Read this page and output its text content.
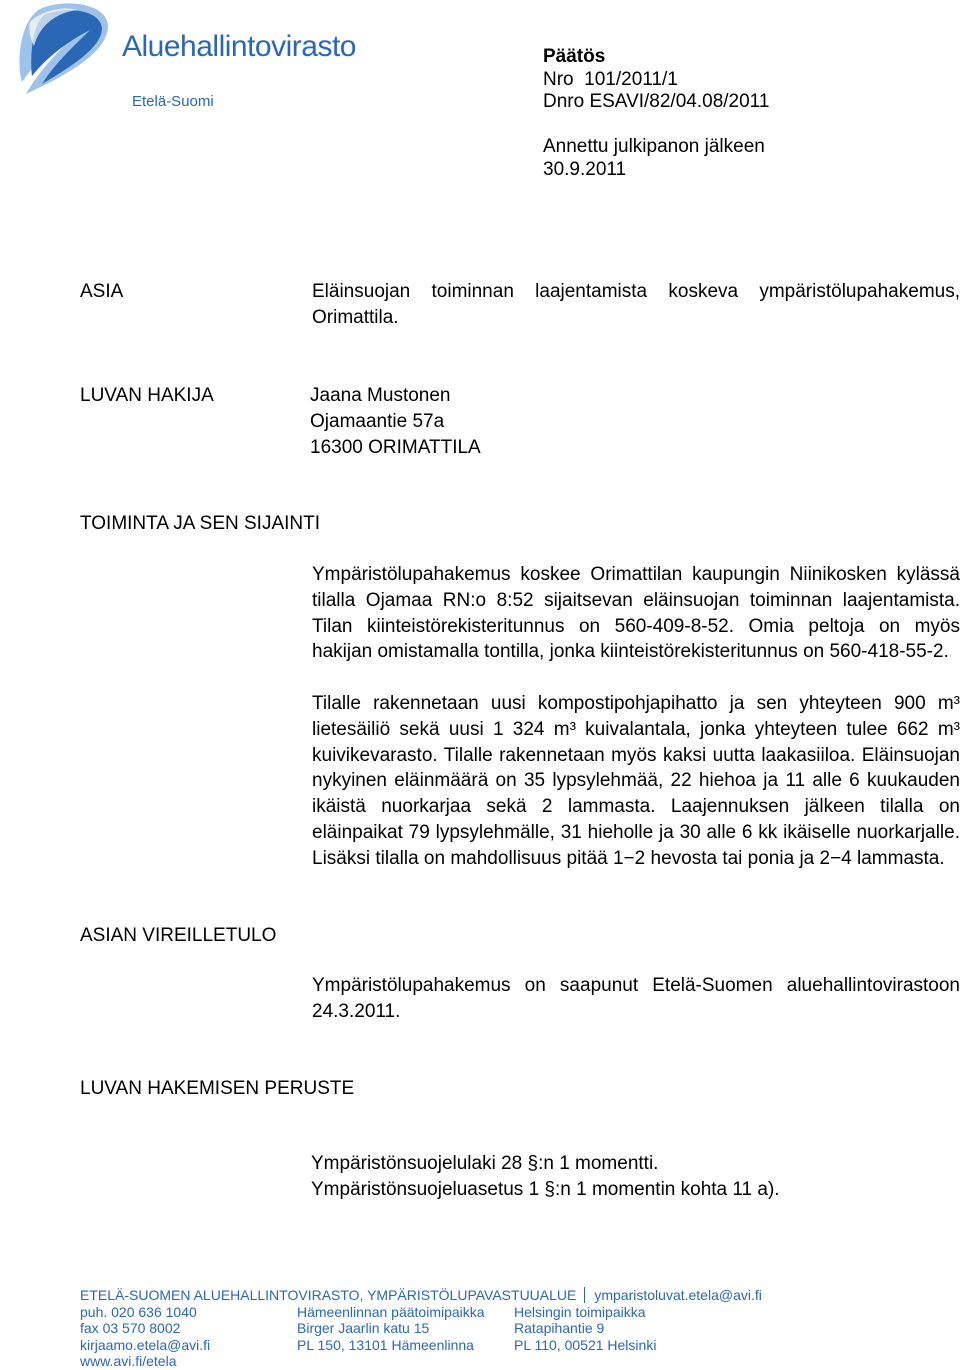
Aluehallintovirasto
Etelä-Suomi
Päätös
Nro  101/2011/1
Dnro ESAVI/82/04.08/2011
Annettu julkipanon jälkeen
30.9.2011
ASIA	Eläinsuojan toiminnan laajentamista koskeva ympäristölupahakemus, Orimattila.

LUVAN HAKIJA	Jaana Mustonen
Ojamaantie 57a
16300 ORIMATTILA
TOIMINTA JA SEN SIJAINTI

Ympäristölupahakemus koskee Orimattilan kaupungin Niinikosken kylässä tilalla Ojamaa RN:o 8:52 sijaitsevan eläinsuojan toiminnan laajentamista. Tilan kiinteistörekisteritunnus on 560-409-8-52. Omia peltoja on myös hakijan omistamalla tontilla, jonka kiinteistörekisteritunnus on 560-418-55-2.

Tilalle rakennetaan uusi kompostipohjapihatto ja sen yhteyteen 900 m³ lietesäiliö sekä uusi 1 324 m³ kuivalantala, jonka yhteyteen tulee 662 m³ kuivikevarasto. Tilalle rakennetaan myös kaksi uutta laakasiiloa. Eläinsuojan nykyinen eläinmäärä on 35 lypsylehmää, 22 hiehoa ja 11 alle 6 kuukauden ikäistä nuorkarjaa sekä 2 lammasta. Laajennuksen jälkeen tilalla on eläinpaikat 79 lypsylehmälle, 31 hieholle ja 30 alle 6 kk ikäiselle nuorkarjalle. Lisäksi tilalla on mahdollisuus pitää 1−2 hevosta tai ponia ja 2−4 lammasta.

ASIAN VIREILLETULO

Ympäristölupahakemus on saapunut Etelä-Suomen aluehallintovirastoon 24.3.2011.

LUVAN HAKEMISEN PERUSTE
Ympäristönsuojelulaki 28 §:n 1 momentti.
Ympäristönsuojeluasetus 1 §:n 1 momentin kohta 11 a).
ETELÄ-SUOMEN ALUEHALLINTOVIRASTO, YMPÄRISTÖLUPAVASTUUALUE ymparistoluvat.etela@avi.fi
puh. 020 636 1040
fax 03 570 8002
kirjaamo.etela@avi.fi
www.avi.fi/etela
Hämeenlinnan päätoimipaikka
Birger Jaarlin katu 15
PL 150, 13101 Hämeenlinna
Helsingin toimipaikka
Ratapihantie 9
PL 110, 00521 Helsinki
